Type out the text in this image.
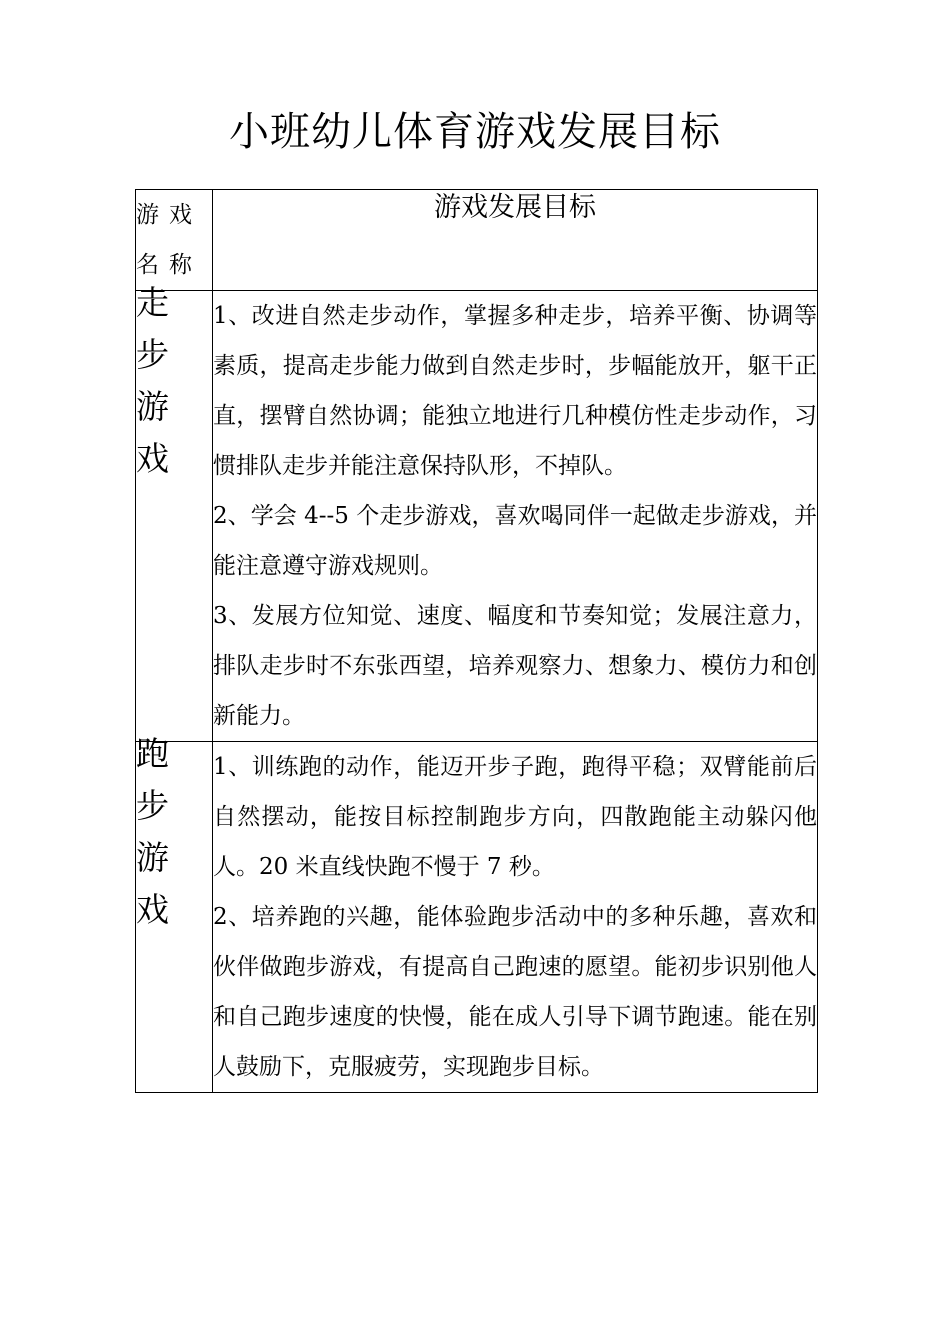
小班幼儿体育游戏发展目标
游戏名称	游戏发展目标

走步游戏	1、改进自然走步动作，掌握多种走步，培养平衡、协调等素质，提高走步能力做到自然走步时，步幅能放开，躯干正直，摆臂自然协调；能独立地进行几种模仿性走步动作，习惯排队走步并能注意保持队形，不掉队。

2、学会 4--5 个走步游戏，喜欢喝同伴一起做走步游戏，并能注意遵守游戏规则。

3、发展方位知觉、速度、幅度和节奏知觉；发展注意力，排队走步时不东张西望，培养观察力、想象力、模仿力和创新能力。

跑步游戏	1、训练跑的动作，能迈开步子跑，跑得平稳；双臂能前后自然摆动，能按目标控制跑步方向，四散跑能主动躲闪他人。20 米直线快跑不慢于 7 秒。

2、培养跑的兴趣，能体验跑步活动中的多种乐趣，喜欢和伙伴做跑步游戏，有提高自己跑速的愿望。能初步识别他人和自己跑步速度的快慢，能在成人引导下调节跑速。能在别人鼓励下，克服疲劳，实现跑步目标。
